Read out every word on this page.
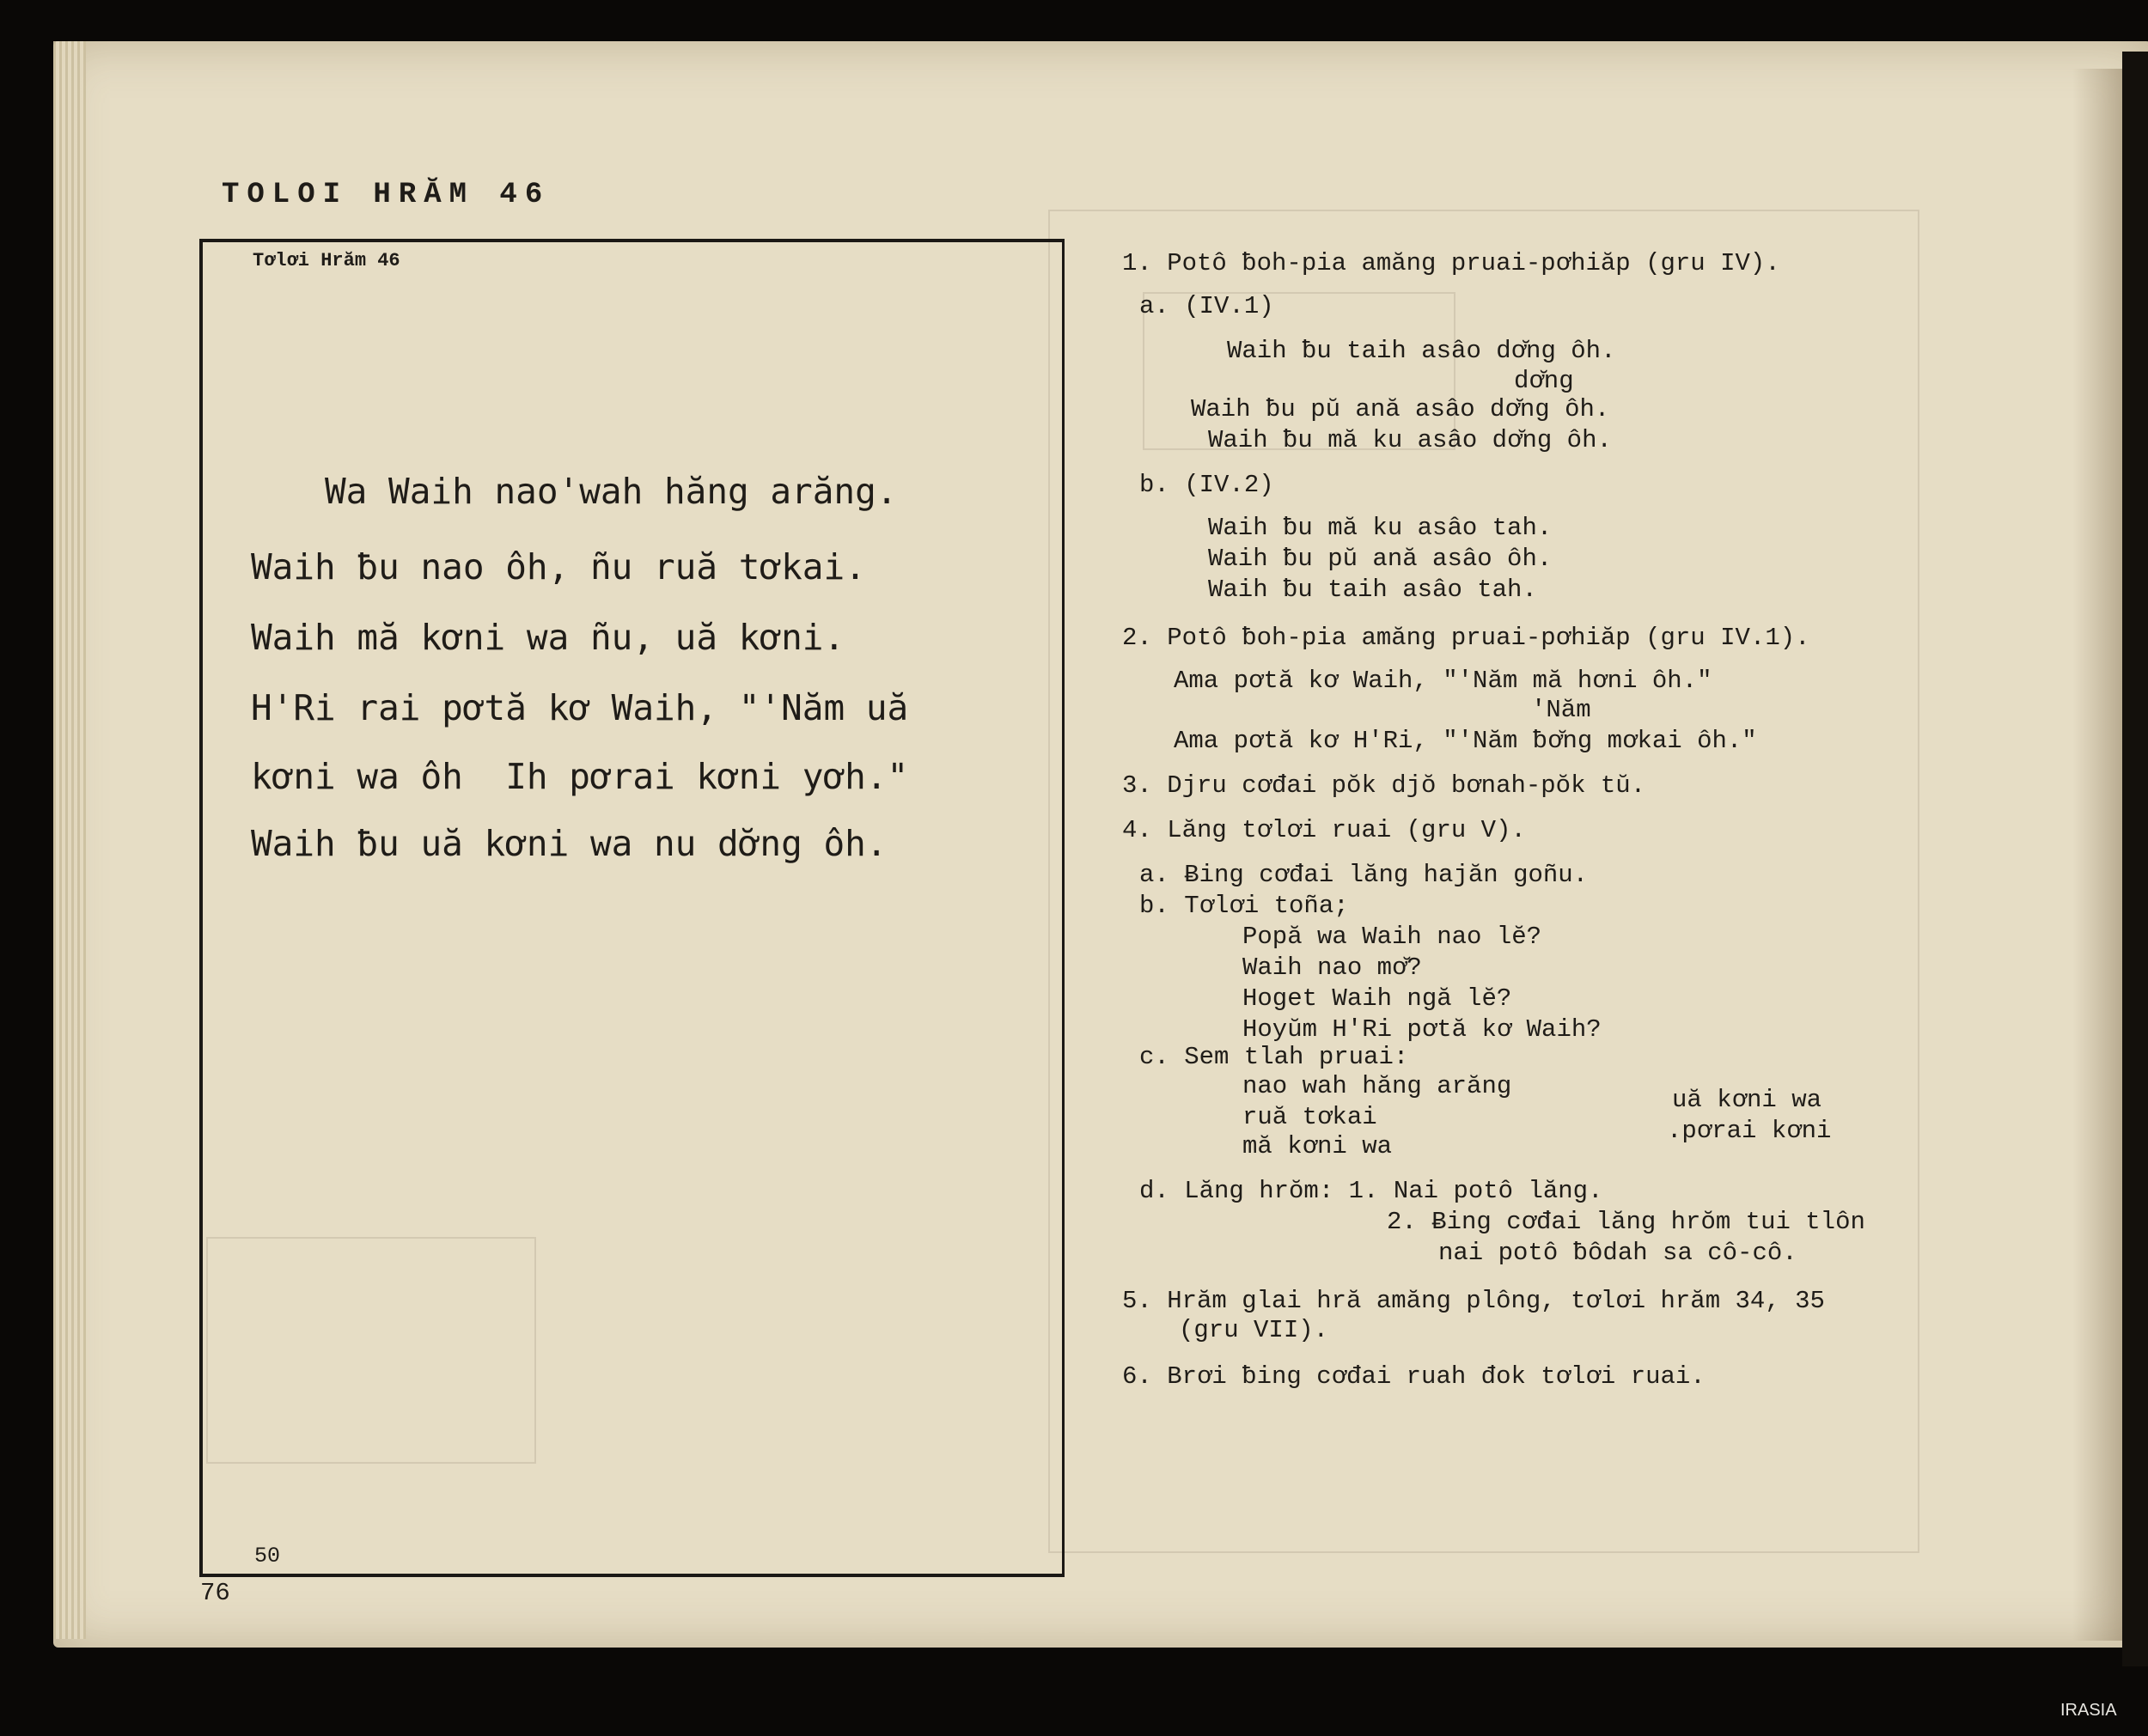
TOLOI HRĂM 46
Tơlơi Hrăm 46
Wa Waih nao'wah hăng arăng.
Waih ƀu nao ôh, ñu ruă tơkai.
Waih mă kơni wa ñu, uă kơni.
H'Ri rai pơtă kơ Waih, "'Năm uă
kơni wa ôh  Ih pơrai kơni yơh."
Waih ƀu uă kơni wa nu dơ̆ng ôh.
50
76
1. Potô ƀoh-pia amăng pruai-pơhiăp (gru IV).
a. (IV.1)
Waih ƀu taih asâo dơ̆ng ôh.
dơ̆ng
Waih ƀu pŭ ană asâo dơ̆ng ôh.
Waih ƀu mă ku asâo dơ̆ng ôh.
b. (IV.2)
Waih ƀu mă ku asâo tah.
Waih ƀu pŭ ană asâo ôh.
Waih ƀu taih asâo tah.
2. Potô ƀoh-pia amăng pruai-pơhiăp (gru IV.1).
Ama pơtă kơ Waih, "'Năm mă hơni ôh."
'Năm
Ama pơtă kơ H'Ri, "'Năm ƀơ̆ng mơkai ôh."
3. Djru cơđai pŏk djŏ bơnah-pŏk tŭ.
4. Lăng tơlơi ruai (gru V).
a. Ƀing cơđai lăng hajăn goñu.
b. Tơlơi toña;
Popă wa Waih nao lĕ?
Waih nao mơ̆?
Hoget Waih ngă lĕ?
Hoyŭm H'Ri pơtă kơ Waih?
c. Sem tlah pruai:
nao wah hăng arăng
ruă tơkai
mă kơni wa
uă kơni wa
.pơrai kơni
d. Lăng hrŏm: 1. Nai potô lăng.
2. Ƀing cơđai lăng hrŏm tui tlôn
nai potô ƀôdah sa cô-cô.
5. Hrăm glai hră amăng plông, tơlơi hrăm 34, 35
(gru VII).
6. Brơi ƀing cơđai ruah đok tơlơi ruai.
IRASIA
